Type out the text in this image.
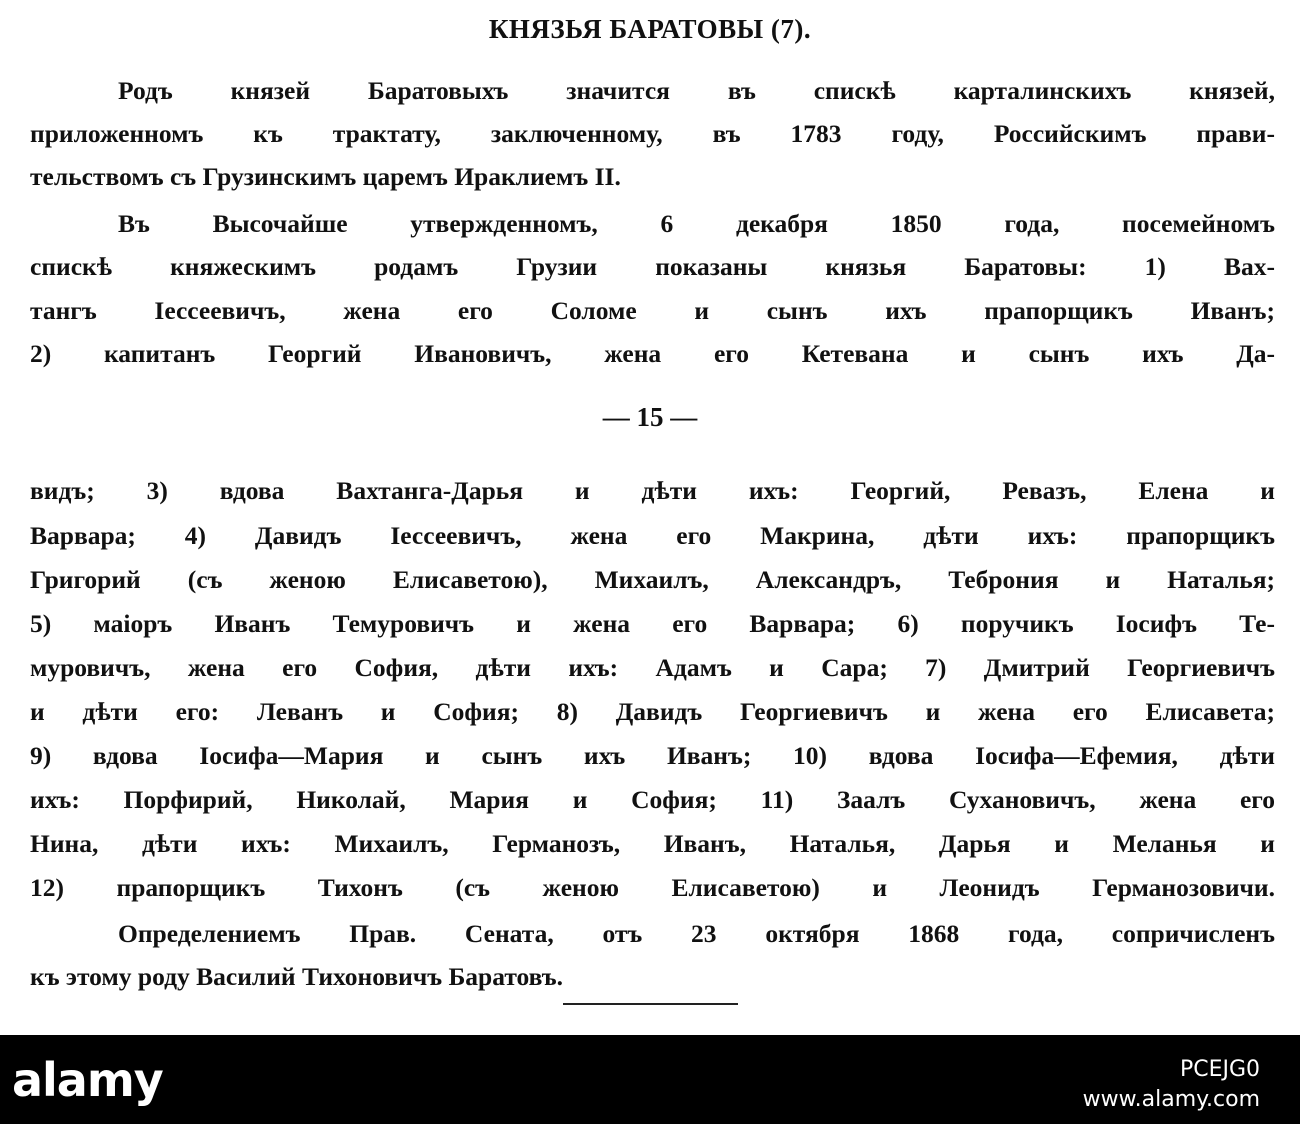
КНЯЗЬЯ БАРАТОВЫ (7).
Родъ князей Баратовыхъ значится въ спискѣ карталинскихъ князей,
приложенномъ къ трактату, заключенному, въ 1783 году, Российскимъ прави-
тельствомъ съ Грузинскимъ царемъ Ираклиемъ II.
Въ Высочайше утвержденномъ, 6 декабря 1850 года, посемейномъ
спискѣ княжескимъ родамъ Грузии показаны князья Баратовы: 1) Вах-
тангъ Iессеевичъ, жена его Соломе и сынъ ихъ прапорщикъ Иванъ;
2) капитанъ Георгий Ивановичъ, жена его Кетевана и сынъ ихъ Да-
— 15 —
видъ; 3) вдова Вахтанга-Дарья и дѣти ихъ: Георгий, Ревазъ, Елена и
Варвара; 4) Давидъ Iессеевичъ, жена его Макрина, дѣти ихъ: прапорщикъ
Григорий (съ женою Елисаветою), Михаилъ, Александръ, Теброния и Наталья;
5) маiоръ Иванъ Темуровичъ и жена его Варвара; 6) поручикъ Iосифъ Те-
муровичъ, жена его София, дѣти ихъ: Адамъ и Сара; 7) Дмитрий Георгиевичъ
и дѣти его: Леванъ и София; 8) Давидъ Георгиевичъ и жена его Елисавета;
9) вдова Iосифа—Мария и сынъ ихъ Иванъ; 10) вдова Iосифа—Ефемия, дѣти
ихъ: Порфирий, Николай, Мария и София; 11) Заалъ Сухановичъ, жена его
Нина, дѣти ихъ: Михаилъ, Германозъ, Иванъ, Наталья, Дарья и Меланья и
12) прапорщикъ Тихонъ (съ женою Елисаветою) и Леонидъ Германозовичи.
Определениемъ Прав. Сената, отъ 23 октября 1868 года, сопричисленъ
къ этому роду Василий Тихоновичъ Баратовъ.
alamy	PCEJG0
www.alamy.com
